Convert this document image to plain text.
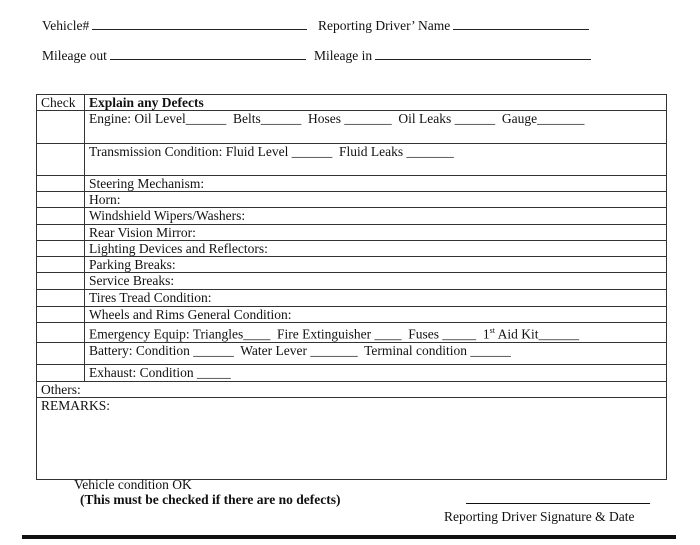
Vehicle#	Reporting Driver’ Name
Mileage out	Mileage in
Check	Explain any Defects
	Engine: Oil Level______  Belts______  Hoses _______  Oil Leaks ______  Gauge_______
	Transmission Condition: Fluid Level ______  Fluid Leaks _______
	Steering Mechanism:
	Horn:
	Windshield Wipers/Washers:
	Rear Vision Mirror:
	Lighting Devices and Reflectors:
	Parking Breaks:
	Service Breaks:
	Tires Tread Condition:
	Wheels and Rims General Condition:
	Emergency Equip: Triangles____  Fire Extinguisher ____  Fuses _____  1st Aid Kit______
	Battery: Condition ______  Water Lever _______  Terminal condition ______
	Exhaust: Condition _____
Others:	
REMARKS:	
Vehicle condition OK
(This must be checked if there are no defects)
Reporting Driver Signature & Date
